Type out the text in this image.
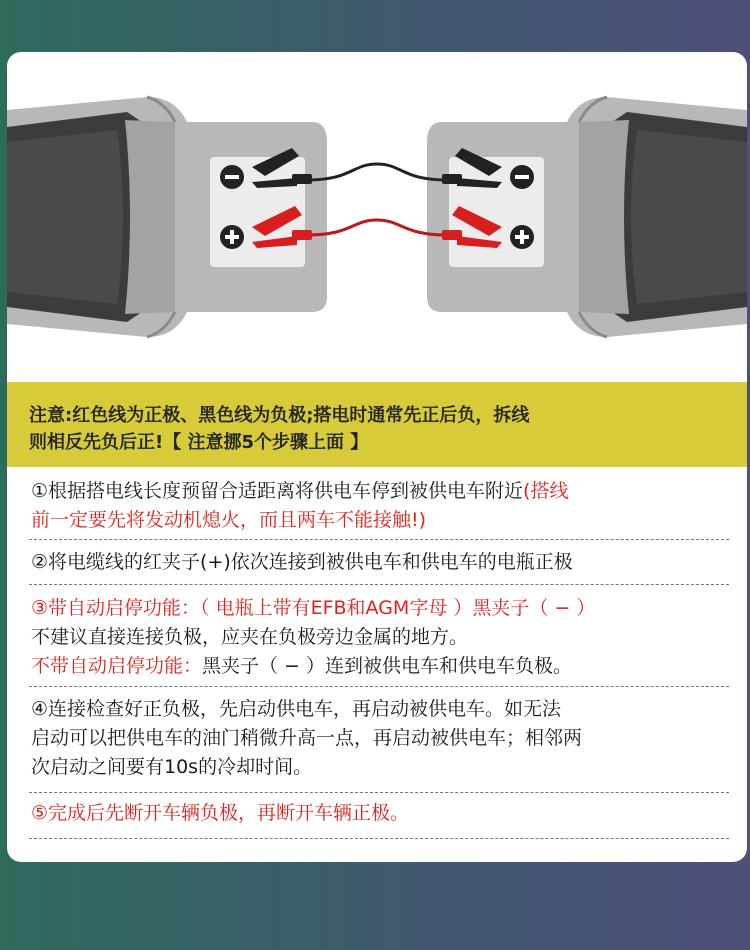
注意:红色线为正极、黑色线为负极;搭电时通常先正后负，拆线

则相反先负后正!【 注意挪5个步骤上面 】

①根据搭电线长度预留合适距离将供电车停到被供电车附近(搭线

前一定要先将发动机熄火，而且两车不能接触!)

②将电缆线的红夹子(+)依次连接到被供电车和供电车的电瓶正极

③带自动启停功能：（ 电瓶上带有EFB和AGM字母 ）黑夹子（ − ）

不建议直接连接负极，应夹在负极旁边金属的地方。

不带自动启停功能：黑夹子（ − ）连到被供电车和供电车负极。

④连接检查好正负极，先启动供电车，再启动被供电车。如无法

启动可以把供电车的油门稍微升高一点，再启动被供电车；相邻两

次启动之间要有10s的冷却时间。

⑤完成后先断开车辆负极，再断开车辆正极。
